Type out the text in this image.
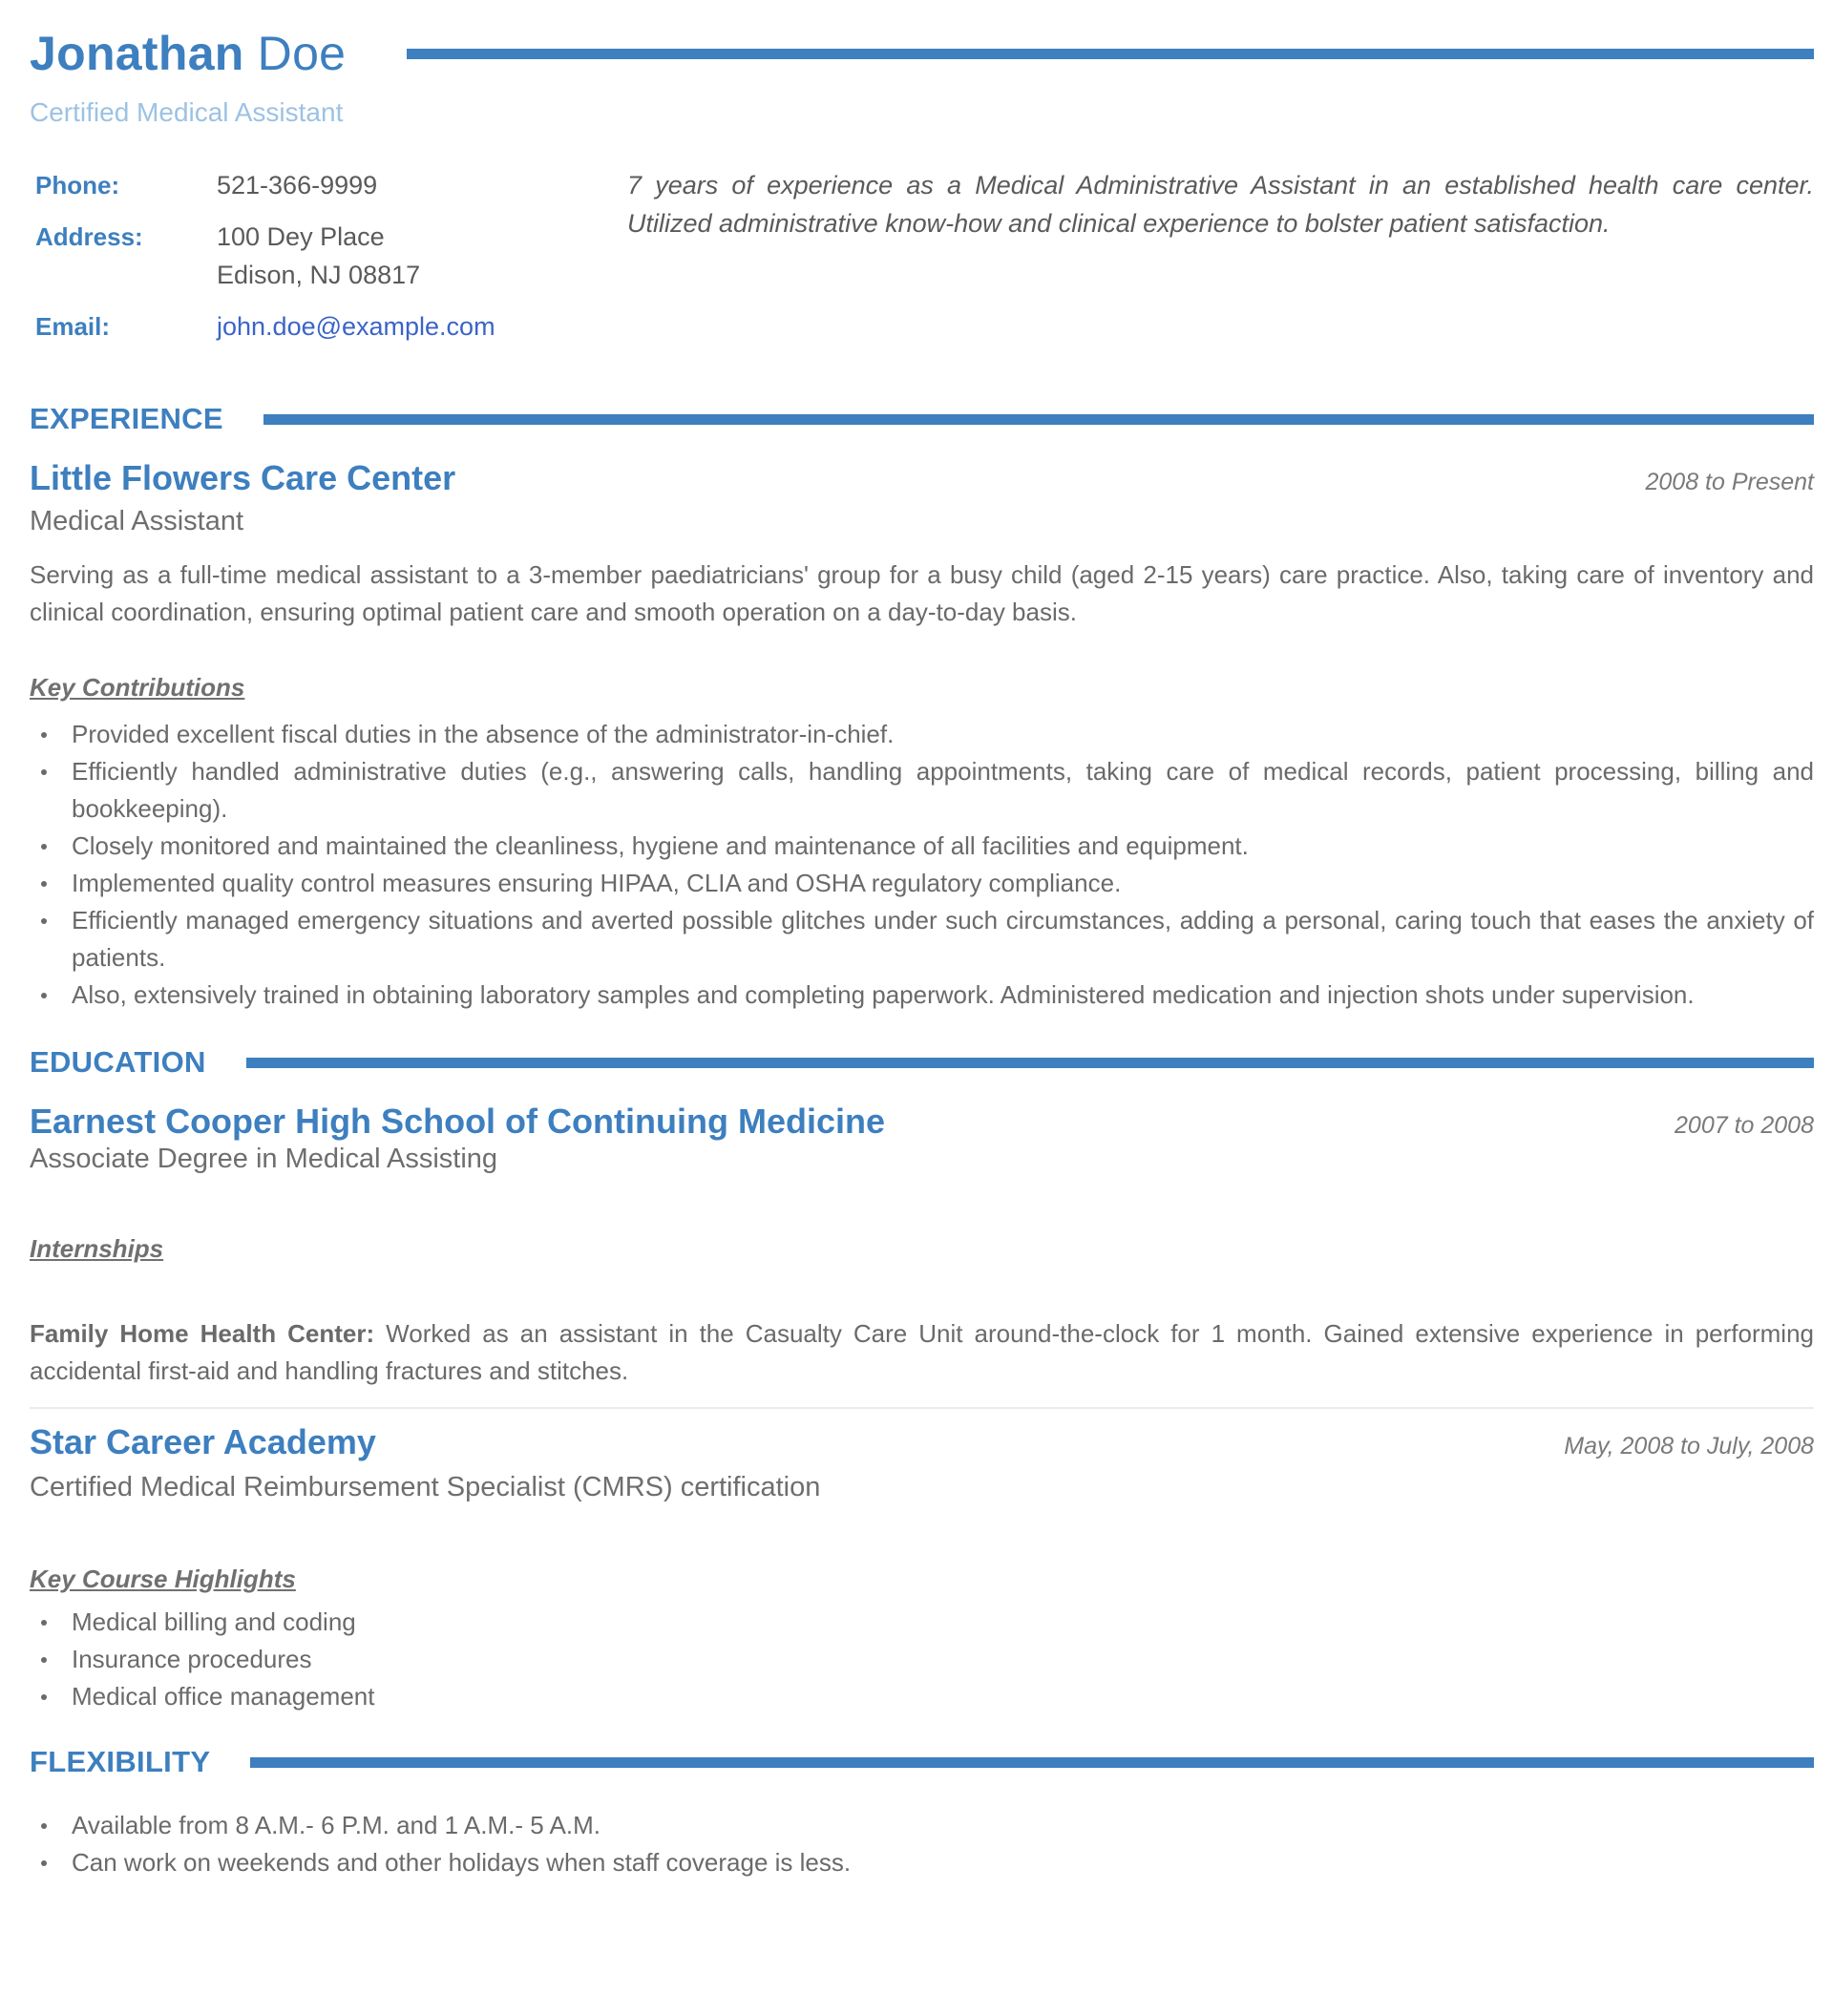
Jonathan Doe
Certified Medical Assistant
Phone:	521-366-9999
Address:	100 Dey Place
Edison, NJ 08817
Email:	john.doe@example.com
7 years of experience as a Medical Administrative Assistant in an established health care center. Utilized administrative know-how and clinical experience to bolster patient satisfaction.
EXPERIENCE
Little Flowers Care Center	2008 to Present
Medical Assistant
Serving as a full-time medical assistant to a 3-member paediatricians' group for a busy child (aged 2-15 years) care practice. Also, taking care of inventory and clinical coordination, ensuring optimal patient care and smooth operation on a day-to-day basis.
Key Contributions
Provided excellent fiscal duties in the absence of the administrator-in-chief.
Efficiently handled administrative duties (e.g., answering calls, handling appointments, taking care of medical records, patient processing, billing and bookkeeping).
Closely monitored and maintained the cleanliness, hygiene and maintenance of all facilities and equipment.
Implemented quality control measures ensuring HIPAA, CLIA and OSHA regulatory compliance.
Efficiently managed emergency situations and averted possible glitches under such circumstances, adding a personal, caring touch that eases the anxiety of patients.
Also, extensively trained in obtaining laboratory samples and completing paperwork. Administered medication and injection shots under supervision.
EDUCATION
Earnest Cooper High School of Continuing Medicine	2007 to 2008
Associate Degree in Medical Assisting
Internships
Family Home Health Center: Worked as an assistant in the Casualty Care Unit around-the-clock for 1 month. Gained extensive experience in performing accidental first-aid and handling fractures and stitches.
Star Career Academy	May, 2008 to July, 2008
Certified Medical Reimbursement Specialist (CMRS) certification
Key Course Highlights
Medical billing and coding
Insurance procedures
Medical office management
FLEXIBILITY
Available from 8 A.M.- 6 P.M. and 1 A.M.- 5 A.M.
Can work on weekends and other holidays when staff coverage is less.
